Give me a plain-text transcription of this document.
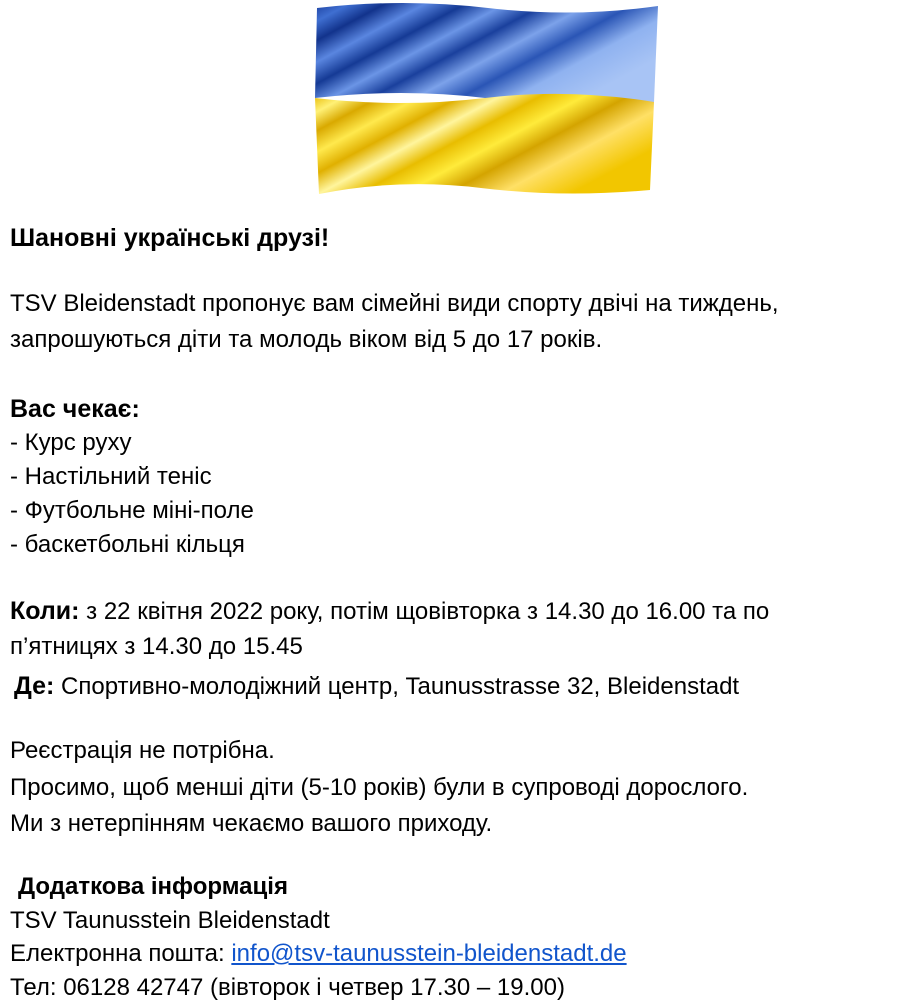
Шановні українські друзі!
TSV Bleidenstadt пропонує вам сімейні види спорту двічі на тиждень,
запрошуються діти та молодь віком від 5 до 17 років.
Вас чекає:
- Курс руху
- Настільний теніс
- Футбольне міні-поле
- баскетбольні кільця
Коли: з 22 квітня 2022 року, потім щовівторка з 14.30 до 16.00 та по
п’ятницях з 14.30 до 15.45
Де: Спортивно-молодіжний центр, Taunusstrasse 32, Bleidenstadt
Реєстрація не потрібна.
Просимо, щоб менші діти (5-10 років) були в супроводі дорослого.
Ми з нетерпінням чекаємо вашого приходу.
Додаткова інформація
TSV Taunusstein Bleidenstadt
Електронна пошта: info@tsv-taunusstein-bleidenstadt.de
Тел: 06128 42747 (вівторок і четвер 17.30 – 19.00)
